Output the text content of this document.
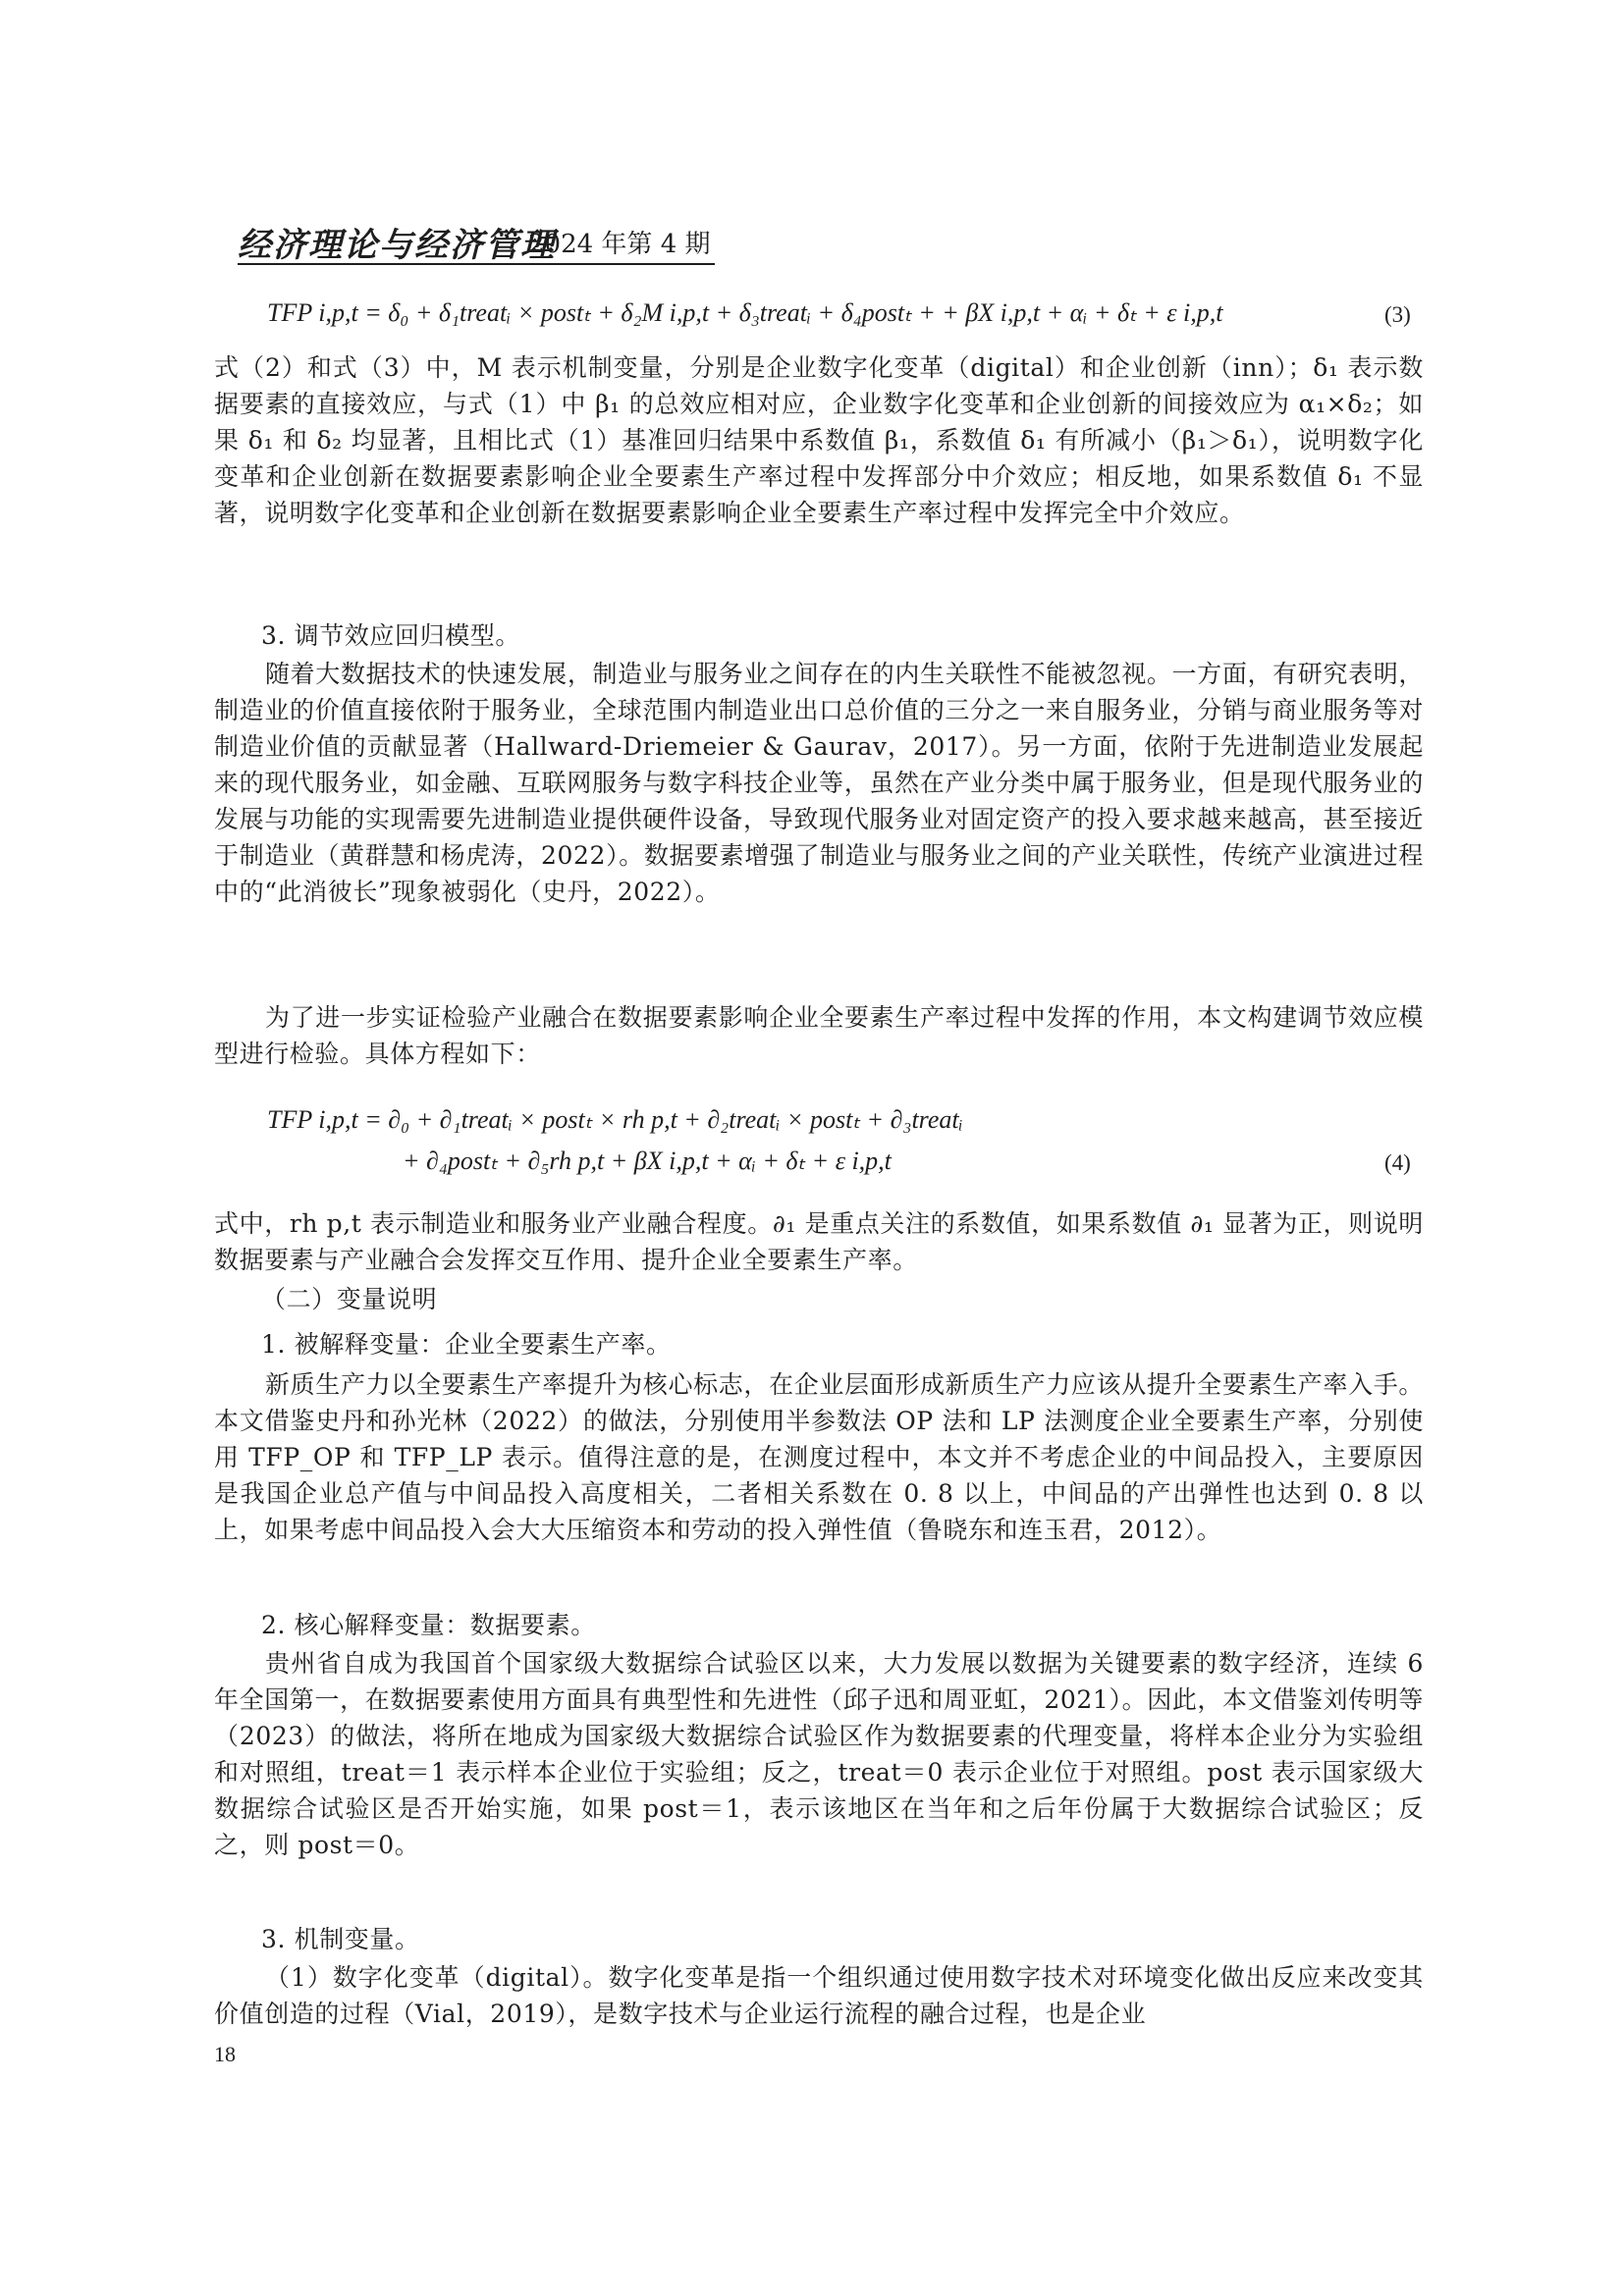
经济理论与经济管理
2024 年第 4 期
TFP i,p,t = δ₀ + δ₁treatᵢ × postₜ + δ₂M i,p,t + δ₃treatᵢ + δ₄postₜ + + βX i,p,t + αᵢ + δₜ + ε i,p,t	(3)
式（2）和式（3）中，M 表示机制变量，分别是企业数字化变革（digital）和企业创新（inn）；δ₁ 表示数据要素的直接效应，与式（1）中 β₁ 的总效应相对应，企业数字化变革和企业创新的间接效应为 α₁×δ₂；如果 δ₁ 和 δ₂ 均显著，且相比式（1）基准回归结果中系数值 β₁，系数值 δ₁ 有所减小（β₁＞δ₁），说明数字化变革和企业创新在数据要素影响企业全要素生产率过程中发挥部分中介效应；相反地，如果系数值 δ₁ 不显著，说明数字化变革和企业创新在数据要素影响企业全要素生产率过程中发挥完全中介效应。
3. 调节效应回归模型。
随着大数据技术的快速发展，制造业与服务业之间存在的内生关联性不能被忽视。一方面，有研究表明，制造业的价值直接依附于服务业，全球范围内制造业出口总价值的三分之一来自服务业，分销与商业服务等对制造业价值的贡献显著（Hallward-Driemeier & Gaurav，2017）。另一方面，依附于先进制造业发展起来的现代服务业，如金融、互联网服务与数字科技企业等，虽然在产业分类中属于服务业，但是现代服务业的发展与功能的实现需要先进制造业提供硬件设备，导致现代服务业对固定资产的投入要求越来越高，甚至接近于制造业（黄群慧和杨虎涛，2022）。数据要素增强了制造业与服务业之间的产业关联性，传统产业演进过程中的“此消彼长”现象被弱化（史丹，2022）。
为了进一步实证检验产业融合在数据要素影响企业全要素生产率过程中发挥的作用，本文构建调节效应模型进行检验。具体方程如下：
TFP i,p,t = ∂₀ + ∂₁treatᵢ × postₜ × rh p,t + ∂₂treatᵢ × postₜ + ∂₃treatᵢ
+ ∂₄postₜ + ∂₅rh p,t + βX i,p,t + αᵢ + δₜ + ε i,p,t	(4)
式中，rh p,t 表示制造业和服务业产业融合程度。∂₁ 是重点关注的系数值，如果系数值 ∂₁ 显著为正，则说明数据要素与产业融合会发挥交互作用、提升企业全要素生产率。
（二）变量说明
1. 被解释变量：企业全要素生产率。
新质生产力以全要素生产率提升为核心标志，在企业层面形成新质生产力应该从提升全要素生产率入手。本文借鉴史丹和孙光林（2022）的做法，分别使用半参数法 OP 法和 LP 法测度企业全要素生产率，分别使用 TFP_OP 和 TFP_LP 表示。值得注意的是，在测度过程中，本文并不考虑企业的中间品投入，主要原因是我国企业总产值与中间品投入高度相关，二者相关系数在 0. 8 以上，中间品的产出弹性也达到 0. 8 以上，如果考虑中间品投入会大大压缩资本和劳动的投入弹性值（鲁晓东和连玉君，2012）。
2. 核心解释变量：数据要素。
贵州省自成为我国首个国家级大数据综合试验区以来，大力发展以数据为关键要素的数字经济，连续 6 年全国第一，在数据要素使用方面具有典型性和先进性（邱子迅和周亚虹，2021）。因此，本文借鉴刘传明等（2023）的做法，将所在地成为国家级大数据综合试验区作为数据要素的代理变量，将样本企业分为实验组和对照组，treat＝1 表示样本企业位于实验组；反之，treat＝0 表示企业位于对照组。post 表示国家级大数据综合试验区是否开始实施，如果 post＝1，表示该地区在当年和之后年份属于大数据综合试验区；反之，则 post＝0。
3. 机制变量。
（1）数字化变革（digital）。数字化变革是指一个组织通过使用数字技术对环境变化做出反应来改变其价值创造的过程（Vial，2019），是数字技术与企业运行流程的融合过程，也是企业
18
